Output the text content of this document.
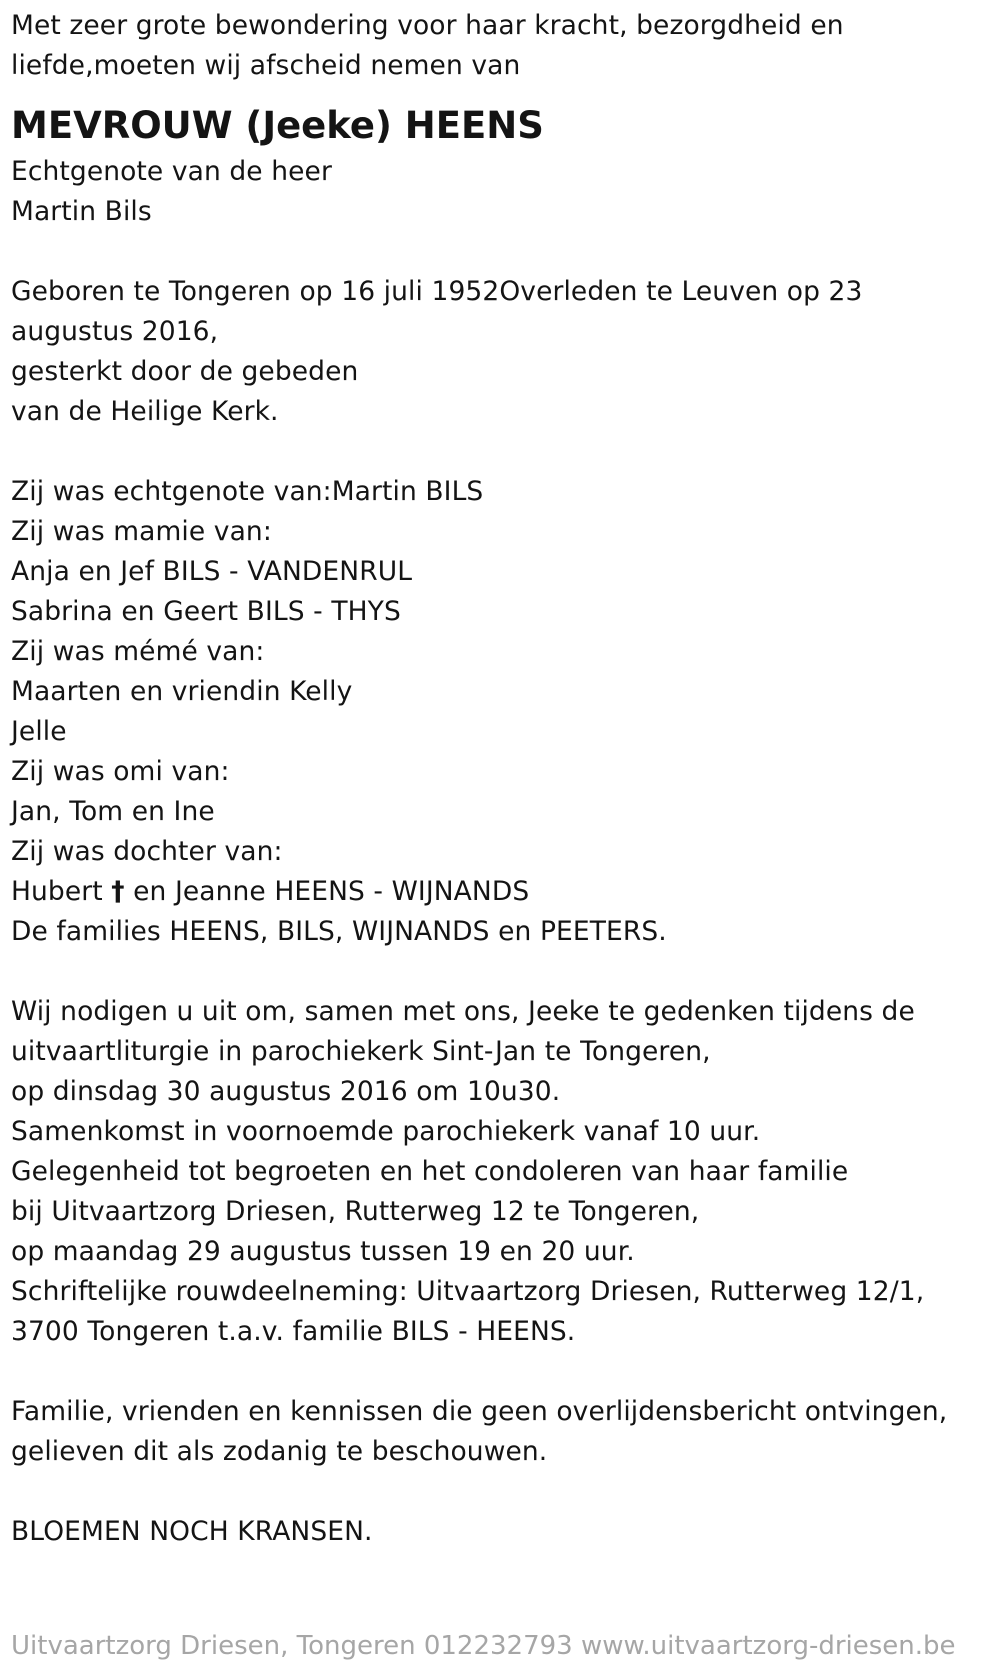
Met zeer grote bewondering voor haar kracht, bezorgdheid en
liefde,moeten wij afscheid nemen van
MEVROUW (Jeeke) HEENS
Echtgenote van de heer
Martin Bils
Geboren te Tongeren op 16 juli 1952Overleden te Leuven op 23 augustus 2016,
gesterkt door de gebeden
van de Heilige Kerk.
Zij was echtgenote van:Martin BILS
Zij was mamie van:
Anja en Jef BILS - VANDENRUL
Sabrina en Geert BILS - THYS
Zij was mémé van:
Maarten en vriendin Kelly
Jelle
Zij was omi van:
Jan, Tom en Ine
Zij was dochter van:
Hubert † en Jeanne HEENS - WIJNANDS
De families HEENS, BILS, WIJNANDS en PEETERS.
Wij nodigen u uit om, samen met ons, Jeeke te gedenken tijdens de
uitvaartliturgie in parochiekerk Sint-Jan te Tongeren,
op dinsdag 30 augustus 2016 om 10u30.
Samenkomst in voornoemde parochiekerk vanaf 10 uur.
Gelegenheid tot begroeten en het condoleren van haar familie
bij Uitvaartzorg Driesen, Rutterweg 12 te Tongeren,
op maandag 29 augustus tussen 19 en 20 uur.
Schriftelijke rouwdeelneming: Uitvaartzorg Driesen, Rutterweg 12/1,
3700 Tongeren t.a.v. familie BILS - HEENS.
Familie, vrienden en kennissen die geen overlijdensbericht ontvingen,
gelieven dit als zodanig te beschouwen.
BLOEMEN NOCH KRANSEN.
Uitvaartzorg Driesen, Tongeren 012232793 www.uitvaartzorg-driesen.be
